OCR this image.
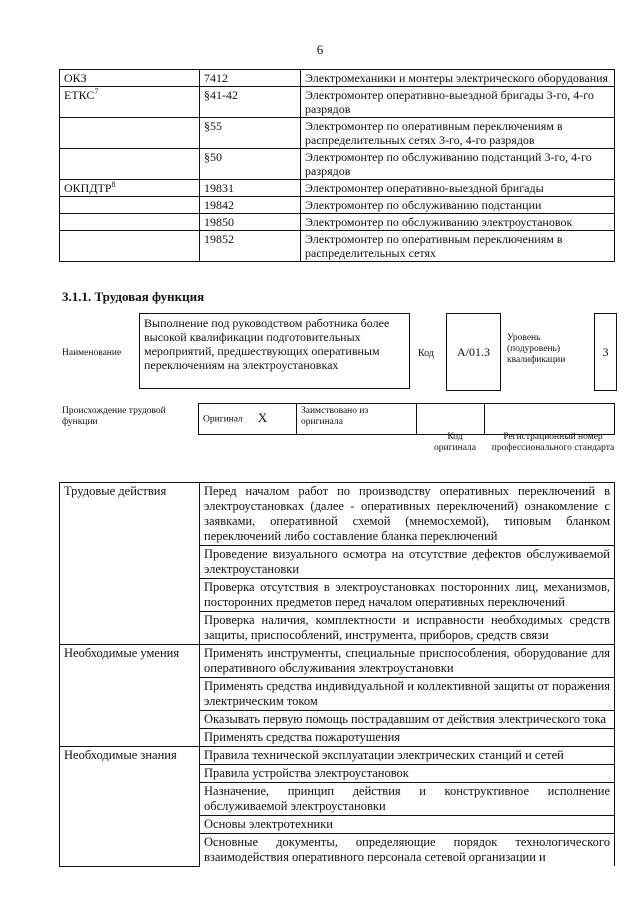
6
ОКЗ	7412	Электромеханики и монтеры электрического оборудования
ЕТКС$^7$	§41-42	Электромонтер оперативно-выездной бригады 3-го, 4-го разрядов
	§55	Электромонтер по оперативным переключениям в распределительных сетях 3-го, 4-го разрядов
	§50	Электромонтер по обслуживанию подстанций 3-го, 4-го разрядов
ОКПДТР$^8$	19831	Электромонтер оперативно-выездной бригады
	19842	Электромонтер по обслуживанию подстанции
	19850	Электромонтер по обслуживанию электроустановок
	19852	Электромонтер по оперативным переключениям в распределительных сетях
3.1.1. Трудовая функция
Наименование
Выполнение под руководством работника более высокой квалификации подготовительных мероприятий, предшествующих оперативным переключениям на электроустановках
Код	А/01.3
Уровень (подуровень) квалификации
3
Происхождение трудовой функции	Оригинал X	Заимствовано из оригинала		
Код оригинала
Регистрационный номер профессионального стандарта
Трудовые действия	Перед началом работ по производству оперативных переключений в электроустановках (далее - оперативных переключений) ознакомление с заявками, оперативной схемой (мнемосхемой), типовым бланком переключений либо составление бланка переключений
	Проведение визуального осмотра на отсутствие дефектов обслуживаемой электроустановки
	Проверка отсутствия в электроустановках посторонних лиц, механизмов, посторонних предметов перед началом оперативных переключений
	Проверка наличия, комплектности и исправности необходимых средств защиты, приспособлений, инструмента, приборов, средств связи
Необходимые умения	Применять инструменты, специальные приспособления, оборудование для оперативного обслуживания электроустановки
	Применять средства индивидуальной и коллективной защиты от поражения электрическим током
	Оказывать первую помощь пострадавшим от действия электрического тока
	Применять средства пожаротушения
Необходимые знания	Правила технической эксплуатации электрических станций и сетей
	Правила устройства электроустановок
	Назначение, принцип действия и конструктивное исполнение обслуживаемой электроустановки
	Основы электротехники
	Основные документы, определяющие порядок технологического взаимодействия оперативного персонала сетевой организации и
